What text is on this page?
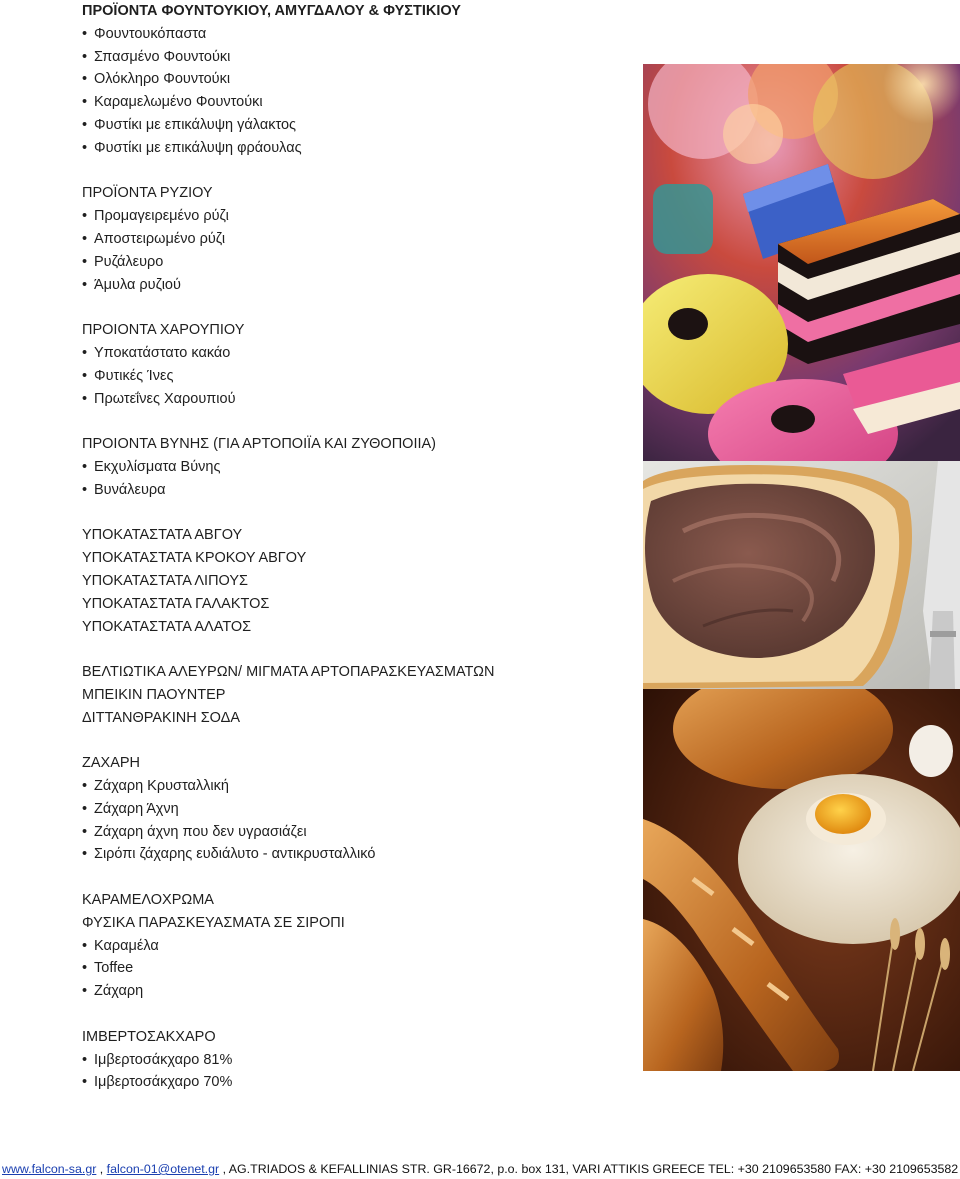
ΠΡΟΪΟΝΤΑ ΦΟΥΝΤΟΥΚΙΟΥ, ΑΜΥΓΔΑΛΟΥ & ΦΥΣΤΙΚΙΟΥ
• Φουντουκόπαστα
• Σπασμένο Φουντούκι
• Ολόκληρο Φουντούκι
• Καραμελωμένο Φουντούκι
• Φυστίκι με επικάλυψη γάλακτος
• Φυστίκι με επικάλυψη φράουλας
ΠΡΟΪΟΝΤΑ ΡΥΖΙΟΥ
• Προμαγειρεμένο ρύζι
• Αποστειρωμένο ρύζι
• Ρυζάλευρο
• Άμυλα ρυζιού
ΠΡΟΙΟΝΤΑ ΧΑΡΟΥΠΙΟΥ
• Υποκατάστατο κακάο
• Φυτικές Ίνες
• Πρωτεΐνες Χαρουπιού
ΠΡΟΙΟΝΤΑ ΒΥΝΗΣ (ΓΙΑ ΑΡΤΟΠΟΙΪΑ ΚΑΙ ΖΥΘΟΠΟΙΙΑ)
• Εκχυλίσματα Βύνης
• Βυνάλευρα
ΥΠΟΚΑΤΑΣΤΑΤΑ ΑΒΓΟΥ
ΥΠΟΚΑΤΑΣΤΑΤΑ ΚΡΟΚΟΥ ΑΒΓΟΥ
ΥΠΟΚΑΤΑΣΤΑΤΑ ΛΙΠΟΥΣ
ΥΠΟΚΑΤΑΣΤΑΤΑ ΓΑΛΑΚΤΟΣ
ΥΠΟΚΑΤΑΣΤΑΤΑ ΑΛΑΤΟΣ
ΒΕΛΤΙΩΤΙΚΑ ΑΛΕΥΡΩΝ/ ΜΙΓΜΑΤΑ ΑΡΤΟΠΑΡΑΣΚΕΥΑΣΜΑΤΩΝ
ΜΠΕΙΚΙΝ ΠΑΟΥΝΤΕΡ
ΔΙΤΤΑΝΘΡΑΚΙΝΗ ΣΟΔΑ
ΖΑΧΑΡΗ
• Ζάχαρη Κρυσταλλική
• Ζάχαρη Άχνη
• Ζάχαρη άχνη που δεν υγρασιάζει
• Σιρόπι ζάχαρης ευδιάλυτο - αντικρυσταλλικό
ΚΑΡΑΜΕΛΟΧΡΩΜΑ
ΦΥΣΙΚΑ ΠΑΡΑΣΚΕΥΑΣΜΑΤΑ ΣΕ ΣΙΡΟΠΙ
• Καραμέλα
• Toffee
• Ζάχαρη
ΙΜΒΕΡΤΟΣΑΚΧΑΡΟ
• Ιμβερτοσάκχαρο 81%
• Ιμβερτοσάκχαρο 70%
www.falcon-sa.gr , falcon-01@otenet.gr , AG.TRIADOS & KEFALLINIAS STR. GR-16672, p.o. box 131, VARI ATTIKIS GREECE TEL: +30 2109653580 FAX: +30 2109653582
